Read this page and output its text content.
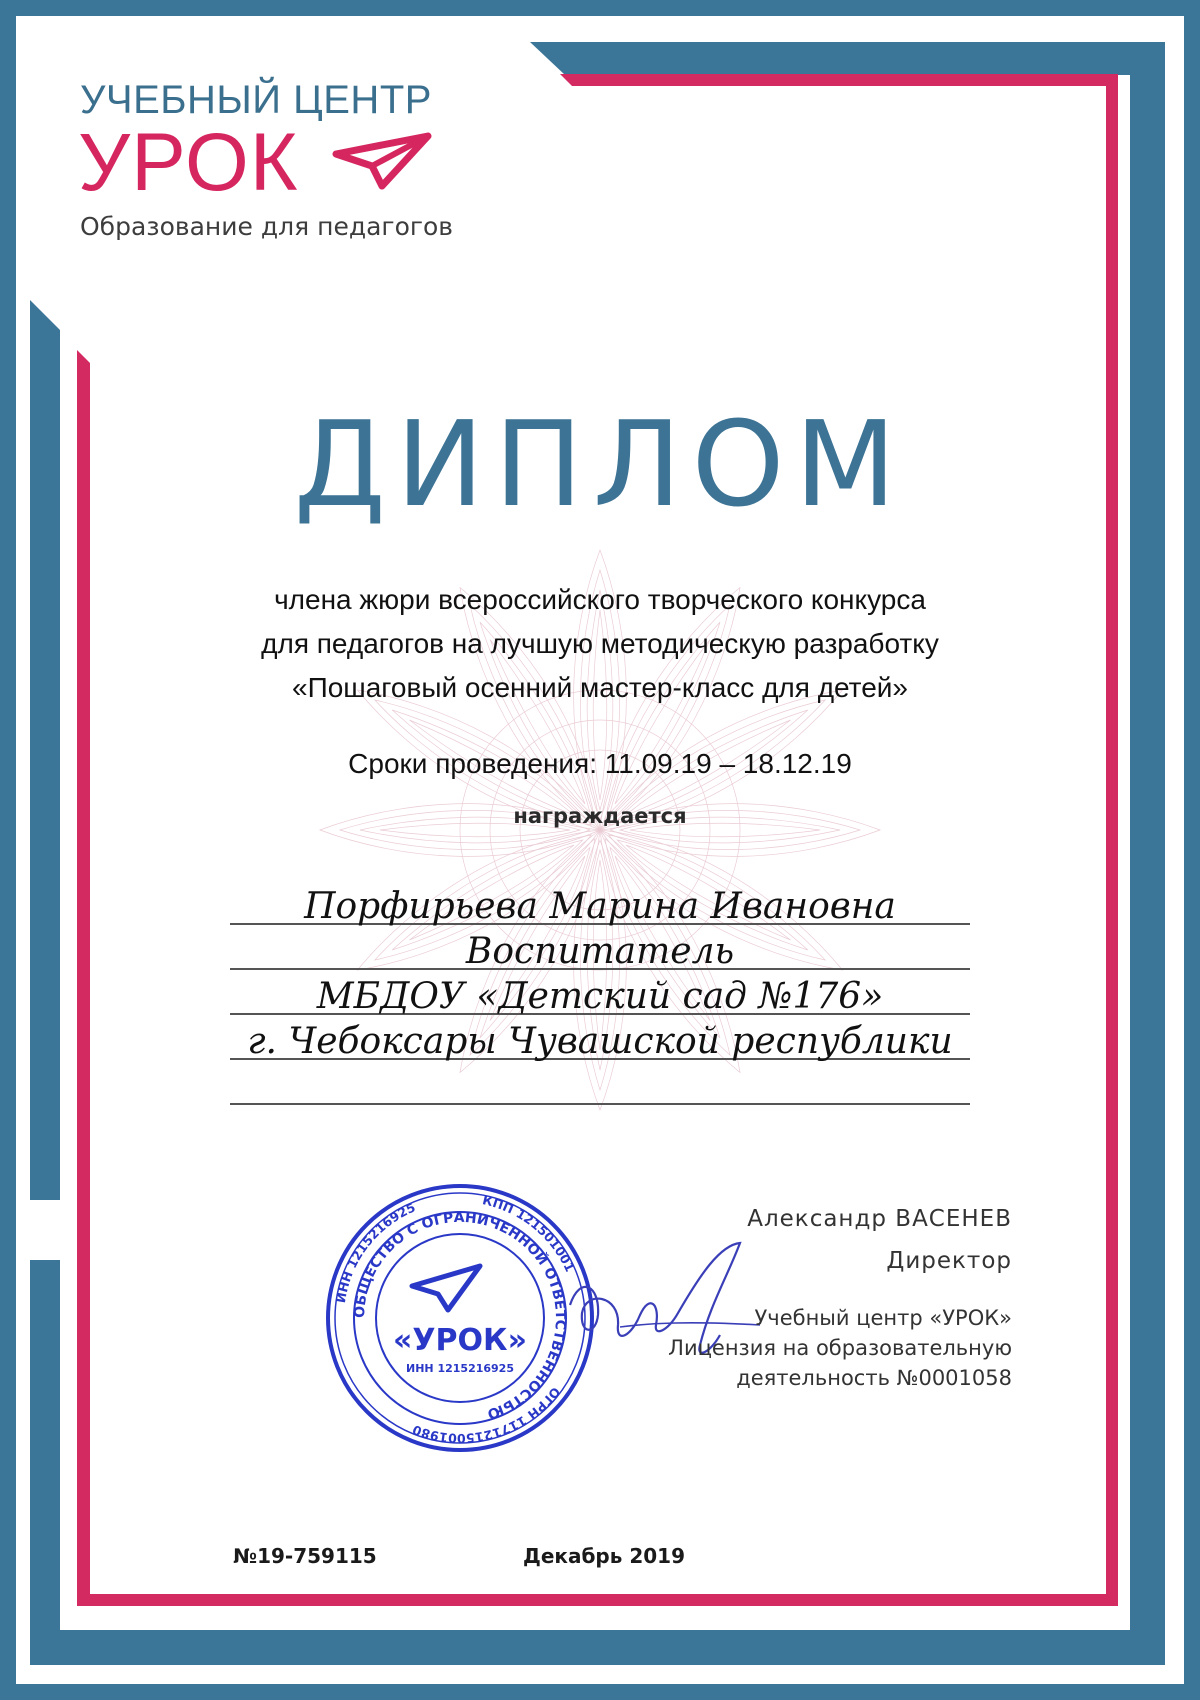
УЧЕБНЫЙ ЦЕНТР
УРОК
Образование для педагогов
ДИПЛОМ
члена жюри всероссийского творческого конкурса
для педагогов на лучшую методическую разработку
«Пошаговый осенний мастер-класс для детей»
Сроки проведения: 11.09.19 – 18.12.19
награждается
Порфирьева Марина Ивановна
Воспитатель
МБДОУ «Детский сад №176»
г. Чебоксары Чувашской республики
ИНН 1215216925	КПП 121501001
ОГРН 1171215001980
ОБЩЕСТВО С ОГРАНИЧЕННОЙ ОТВЕТСТВЕННОСТЬЮ
«УРОК»
ИНН 1215216925
Александр ВАСЕНЕВ
Директор
Учебный центр «УРОК»
Лицензия на образовательную
деятельность №0001058
№19-759115	Декабрь 2019
